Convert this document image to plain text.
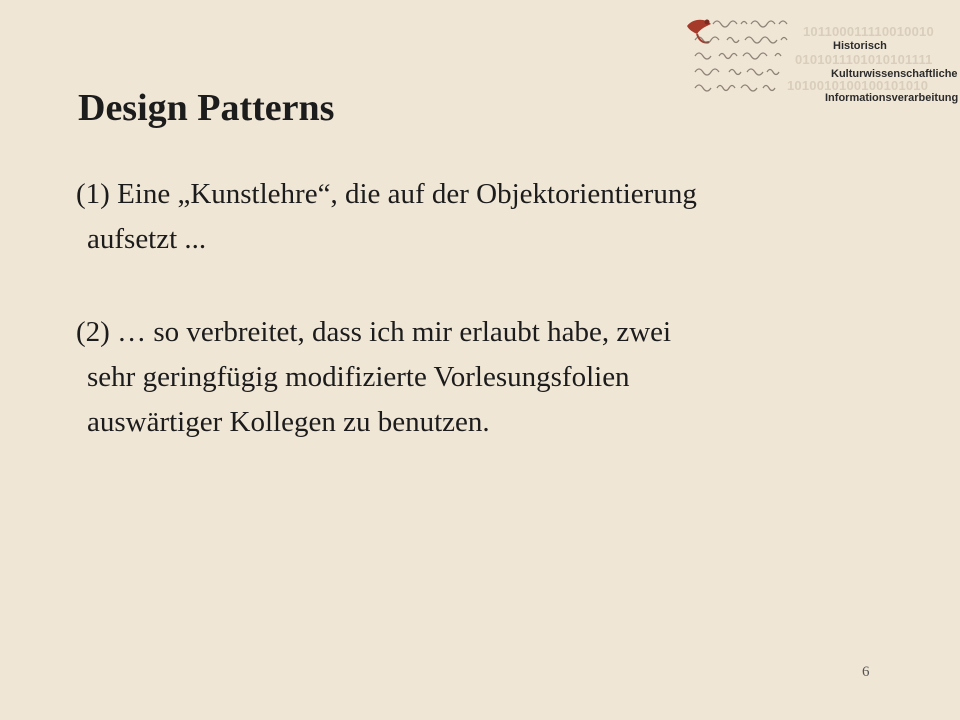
101100011110010010
Historisch
0101011101010101111
Kulturwissenschaftliche
1010010100100101010
Informationsverarbeitung
Design Patterns
(1) Eine „Kunstlehre“, die auf der Objektorientierung
aufsetzt ...
(2) … so verbreitet, dass ich mir erlaubt habe, zwei
sehr geringfügig modifizierte Vorlesungsfolien
auswärtiger Kollegen zu benutzen.
6
